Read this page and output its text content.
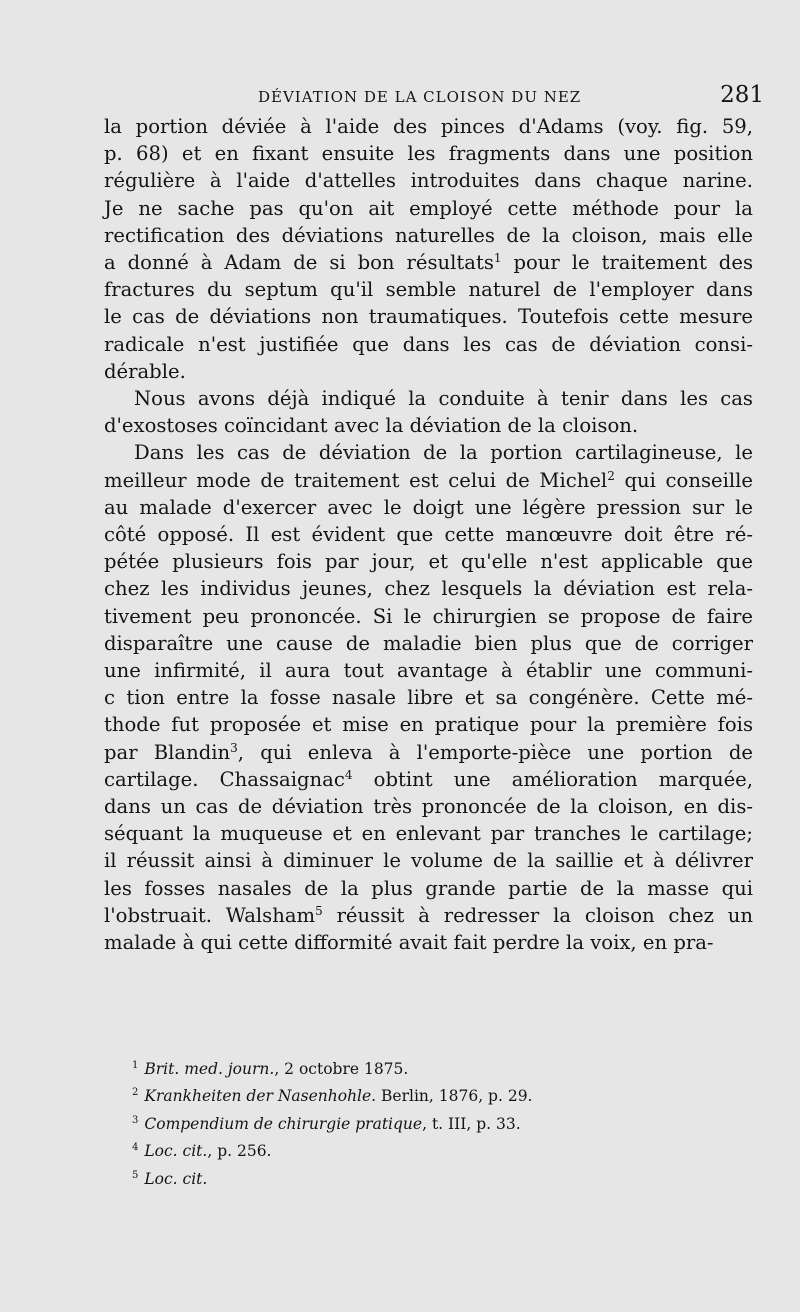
DÉVIATION DE LA CLOISON DU NEZ	281

la portion déviée à l'aide des pinces d'Adams (voy. fig. 59,
p. 68) et en fixant ensuite les fragments dans une position
régulière à l'aide d'attelles introduites dans chaque narine.
Je ne sache pas qu'on ait employé cette méthode pour la
rectification des déviations naturelles de la cloison, mais elle
a donné à Adam de si bon résultats$^1$ pour le traitement des
fractures du septum qu'il semble naturel de l'employer dans
le cas de déviations non traumatiques. Toutefois cette mesure
radicale n'est justifiée que dans les cas de déviation consi-
dérable.

Nous avons déjà indiqué la conduite à tenir dans les cas
d'exostoses coïncidant avec la déviation de la cloison.

Dans les cas de déviation de la portion cartilagineuse, le
meilleur mode de traitement est celui de Michel$^2$ qui conseille
au malade d'exercer avec le doigt une légère pression sur le
côté opposé. Il est évident que cette manœuvre doit être ré-
pétée plusieurs fois par jour, et qu'elle n'est applicable que
chez les individus jeunes, chez lesquels la déviation est rela-
tivement peu prononcée. Si le chirurgien se propose de faire
disparaître une cause de maladie bien plus que de corriger
une infirmité, il aura tout avantage à établir une communi-
c tion entre la fosse nasale libre et sa congénère. Cette mé-
thode fut proposée et mise en pratique pour la première fois
par Blandin$^3$, qui enleva à l'emporte-pièce une portion de
cartilage. Chassaignac$^4$ obtint une amélioration marquée,
dans un cas de déviation très prononcée de la cloison, en dis-
séquant la muqueuse et en enlevant par tranches le cartilage;
il réussit ainsi à diminuer le volume de la saillie et à délivrer
les fosses nasales de la plus grande partie de la masse qui
l'obstruait. Walsham$^5$ réussit à redresser la cloison chez un
malade à qui cette difformité avait fait perdre la voix, en pra-

$^1$ Brit. med. journ., 2 octobre 1875.
$^2$ Krankheiten der Nasenhohle. Berlin, 1876, p. 29.
$^3$ Compendium de chirurgie pratique, t. III, p. 33.
$^4$ Loc. cit., p. 256.
$^5$ Loc. cit.
